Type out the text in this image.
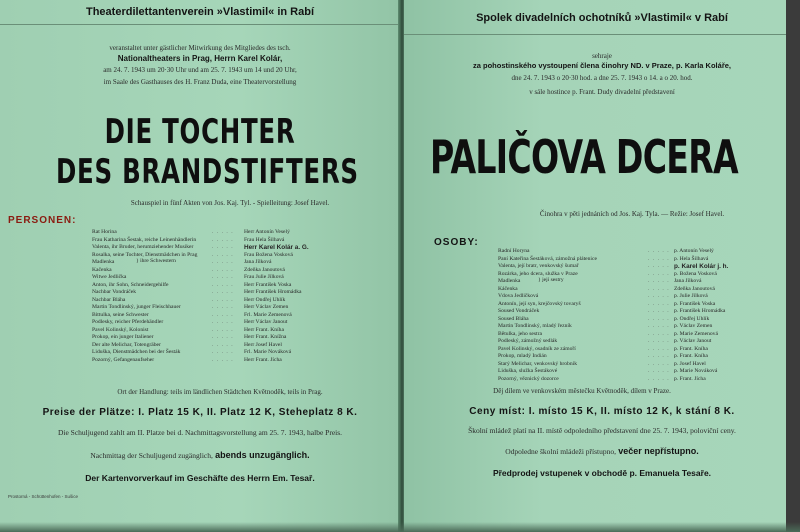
Theaterdilettantenverein »Vlastimil« in Rabí
veranstaltet unter gästlicher Mitwirkung des Mitgliedes des tsch.
Nationaltheaters in Prag, Herrn Karel Kolár,
am 24. 7. 1943 um 20·30 Uhr und am 25. 7. 1943 um 14 und 20 Uhr,
im Saale des Gasthauses des H. Franz Duda, eine Theatervorstellung
DIE TOCHTER
DES BRANDSTIFTERS
Schauspiel in fünf Akten von Jos. Kaj. Tyl. - Spielleitung: Josef Havel.
PERSONEN:
Rat Horina	. . . . . Herr Antonín Veselý
Frau Katharina Šestak, reiche Leinenhändlerin	. . . . . Frau Hela Šilhavá
Valenta, ihr Bruder, herumziehender Musiker	. . . . . Herr Karel Kolár a. G.
Rosalka, seine Tochter, Dienstmädchen in Prag	. . . . . Frau Božena Vosková
Madlenka	. . . . . Jana Jílková
} ihre Schwestern
Kačenka	. . . . . Zdeňka Janoutová
Witwe Jedlička	. . . . . Frau Julie Jílková
Anton, ihr Sohn, Schneidergehilfe	. . . . . Herr František Voska
Nachbar Vondráček	. . . . . Herr František Hromádka
Nachbar Bláha	. . . . . Herr Ondřej Uhlík
Martin Tondlinský, junger Fleischhauer	. . . . . Herr Václav Zemen
Bittulka, seine Schwester	. . . . . Frl. Marie Zemenová
Podlesky, reicher Pferdehändler	. . . . . Herr Václav Janout
Pavel Kolinský, Kolonist	. . . . . Herr Frant. Kníha
Prokop, ein junger Italiener	. . . . . Herr Frant. Knížna
Der alte Melichar, Totengräber	. . . . . Herr Josef Havel
Liduška, Dienstmädchen bei der Šesták	. . . . . Frl. Marie Nováková
Pozorný, Gefangenaufseher	. . . . . Herr Frant. Jícha
Ort der Handlung: teils im ländlichen Städtchen Květnoděk, teils in Prag.
Preise der Plätze: I. Platz 15 K, II. Platz 12 K, Steheplatz 8 K.
Die Schuljugend zahlt am II. Platze bei d. Nachmittagsvorstellung am 25. 7. 1943, halbe Preis.
Nachmittag der Schuljugend zugänglich, abends unzugänglich.
Der Kartenvorverkauf im Geschäfte des Herrn Em. Tesař.
Prostorná - Schüttenhofen - Sušice
Spolek divadelních ochotníků »Vlastimil« v Rabí
sehraje
za pohostinského vystoupení člena činohry ND. v Praze, p. Karla Koláře,
dne 24. 7. 1943 o 20·30 hod. a dne 25. 7. 1943 o 14. a o 20. hod.
v sále hostince p. Frant. Dudy divadelní představení
PALIČOVA DCERA
Činohra v pěti jednáních od Jos. Kaj. Tyla. — Režie: Josef Havel.
OSOBY:
Radní Horyna	. . . . . p. Antonín Veselý
Paní Kateřina Šestáková, zámožná plátenice	. . . . . p. Hela Šilhavá
Valenta, její bratr, venkovský šumař	. . . . . p. Karel Kolár j. h.
Rozárka, jeho dcera, služka v Praze	. . . . . p. Božena Vosková
Madlenka	. . . . . Jana Jílková
} její sestry
Káčenka	. . . . . Zdeňka Janoutová
Vdova Jedličková	. . . . . p. Julie Jílková
Antonín, její syn, krejčovský tovaryš	. . . . . p. František Voska
Soused Vondráček	. . . . . p. František Hromádka
Soused Bláha	. . . . . p. Ondřej Uhlík
Martin Tondlinský, mladý řezník	. . . . . p. Václav Zemen
Bětulka, jeho sestra	. . . . . p. Marie Zemenová
Podleský, zámožný sedlák	. . . . . p. Václav Janout
Pavel Kolinský, osadník ze zámoří	. . . . . p. Frant. Kníha
Prokop, mladý Indián	. . . . . p. Frant. Kníha
Starý Melichar, venkovský hrobník	. . . . . p. Josef Havel
Liduška, služka Šestákové	. . . . . p. Marie Nováková
Pozorný, věznický dozorce	. . . . . p. Frant. Jícha
Děj dílem ve venkovském městečku Květnoděk, dílem v Praze.
Ceny míst: I. místo 15 K, II. místo 12 K, k stání 8 K.
Školní mládež platí na II. místě odpoledního představení dne 25. 7. 1943, poloviční ceny.
Odpoledne školní mládeži přístupno, večer nepřístupno.
Předprodej vstupenek v obchodě p. Emanuela Tesaře.
